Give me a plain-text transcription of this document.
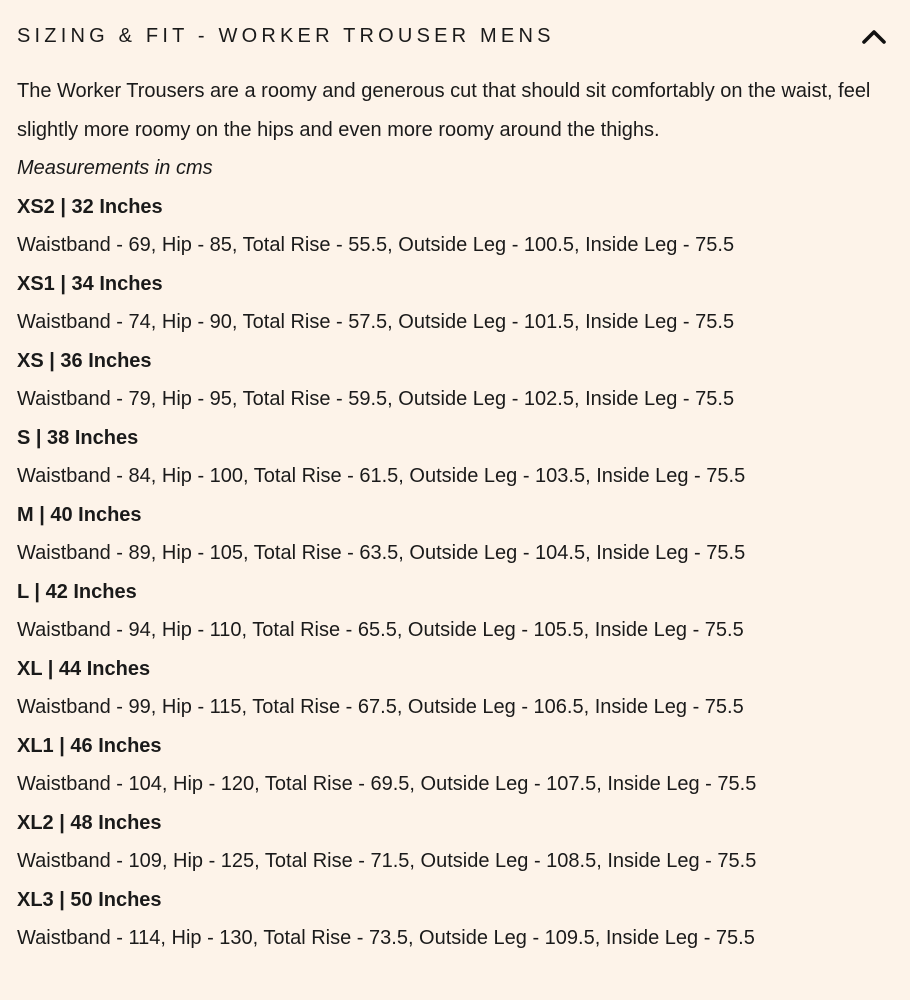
SIZING & FIT - WORKER TROUSER MENS

The Worker Trousers are a roomy and generous cut that should sit comfortably on the waist, feel slightly more roomy on the hips and even more roomy around the thighs.

Measurements in cms

XS2 | 32 Inches
Waistband - 69, Hip - 85, Total Rise - 55.5, Outside Leg - 100.5, Inside Leg - 75.5
XS1 | 34 Inches
Waistband - 74, Hip - 90, Total Rise - 57.5, Outside Leg - 101.5, Inside Leg - 75.5
XS | 36 Inches
Waistband - 79, Hip - 95, Total Rise - 59.5, Outside Leg - 102.5, Inside Leg - 75.5
S | 38 Inches
Waistband - 84, Hip - 100, Total Rise - 61.5, Outside Leg - 103.5, Inside Leg - 75.5
M | 40 Inches
Waistband - 89, Hip - 105, Total Rise - 63.5, Outside Leg - 104.5, Inside Leg - 75.5
L | 42 Inches
Waistband - 94, Hip - 110, Total Rise - 65.5, Outside Leg - 105.5, Inside Leg - 75.5
XL | 44 Inches
Waistband - 99, Hip - 115, Total Rise - 67.5, Outside Leg - 106.5, Inside Leg - 75.5
XL1 | 46 Inches
Waistband - 104, Hip - 120, Total Rise - 69.5, Outside Leg - 107.5, Inside Leg - 75.5
XL2 | 48 Inches
Waistband - 109, Hip - 125, Total Rise - 71.5, Outside Leg - 108.5, Inside Leg - 75.5
XL3 | 50 Inches
Waistband - 114, Hip - 130, Total Rise - 73.5, Outside Leg - 109.5, Inside Leg - 75.5
